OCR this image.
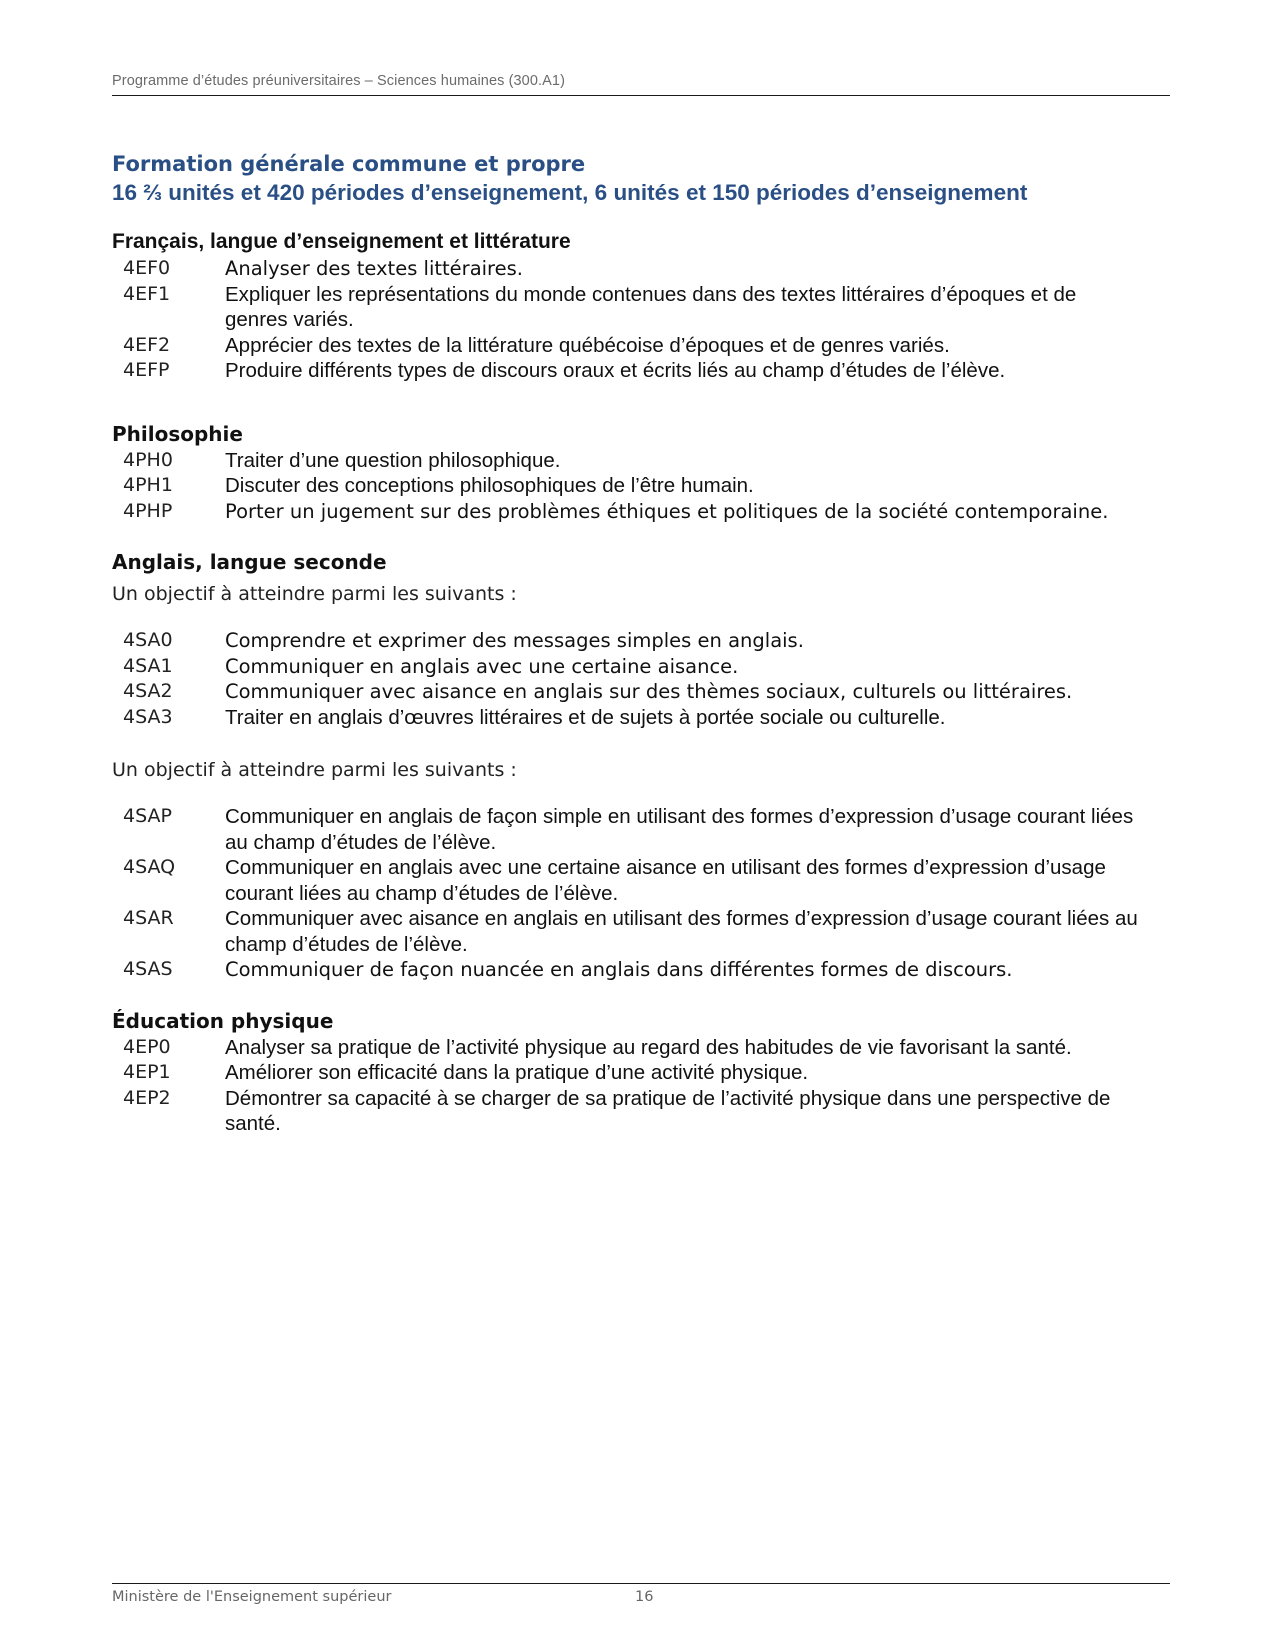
Programme d’études préuniversitaires – Sciences humaines (300.A1)
Formation générale commune et propre
16 ⅔ unités et 420 périodes d’enseignement, 6 unités et 150 périodes d’enseignement
Français, langue d’enseignement et littérature
4EF0	Analyser des textes littéraires.
4EF1	Expliquer les représentations du monde contenues dans des textes littéraires d’époques et de genres variés.
4EF2	Apprécier des textes de la littérature québécoise d’époques et de genres variés.
4EFP	Produire différents types de discours oraux et écrits liés au champ d’études de l’élève.
Philosophie
4PH0	Traiter d’une question philosophique.
4PH1	Discuter des conceptions philosophiques de l’être humain.
4PHP	Porter un jugement sur des problèmes éthiques et politiques de la société contemporaine.
Anglais, langue seconde

Un objectif à atteindre parmi les suivants :

4SA0	Comprendre et exprimer des messages simples en anglais.
4SA1	Communiquer en anglais avec une certaine aisance.
4SA2	Communiquer avec aisance en anglais sur des thèmes sociaux, culturels ou littéraires.
4SA3	Traiter en anglais d’œuvres littéraires et de sujets à portée sociale ou culturelle.

Un objectif à atteindre parmi les suivants :

4SAP	Communiquer en anglais de façon simple en utilisant des formes d’expression d’usage courant liées au champ d’études de l’élève.
4SAQ	Communiquer en anglais avec une certaine aisance en utilisant des formes d’expression d’usage courant liées au champ d’études de l’élève.
4SAR	Communiquer avec aisance en anglais en utilisant des formes d’expression d’usage courant liées au champ d’études de l’élève.
4SAS	Communiquer de façon nuancée en anglais dans différentes formes de discours.
Éducation physique
4EP0	Analyser sa pratique de l’activité physique au regard des habitudes de vie favorisant la santé.
4EP1	Améliorer son efficacité dans la pratique d’une activité physique.
4EP2	Démontrer sa capacité à se charger de sa pratique de l’activité physique dans une perspective de santé.
Ministère de l'Enseignement supérieur	16
